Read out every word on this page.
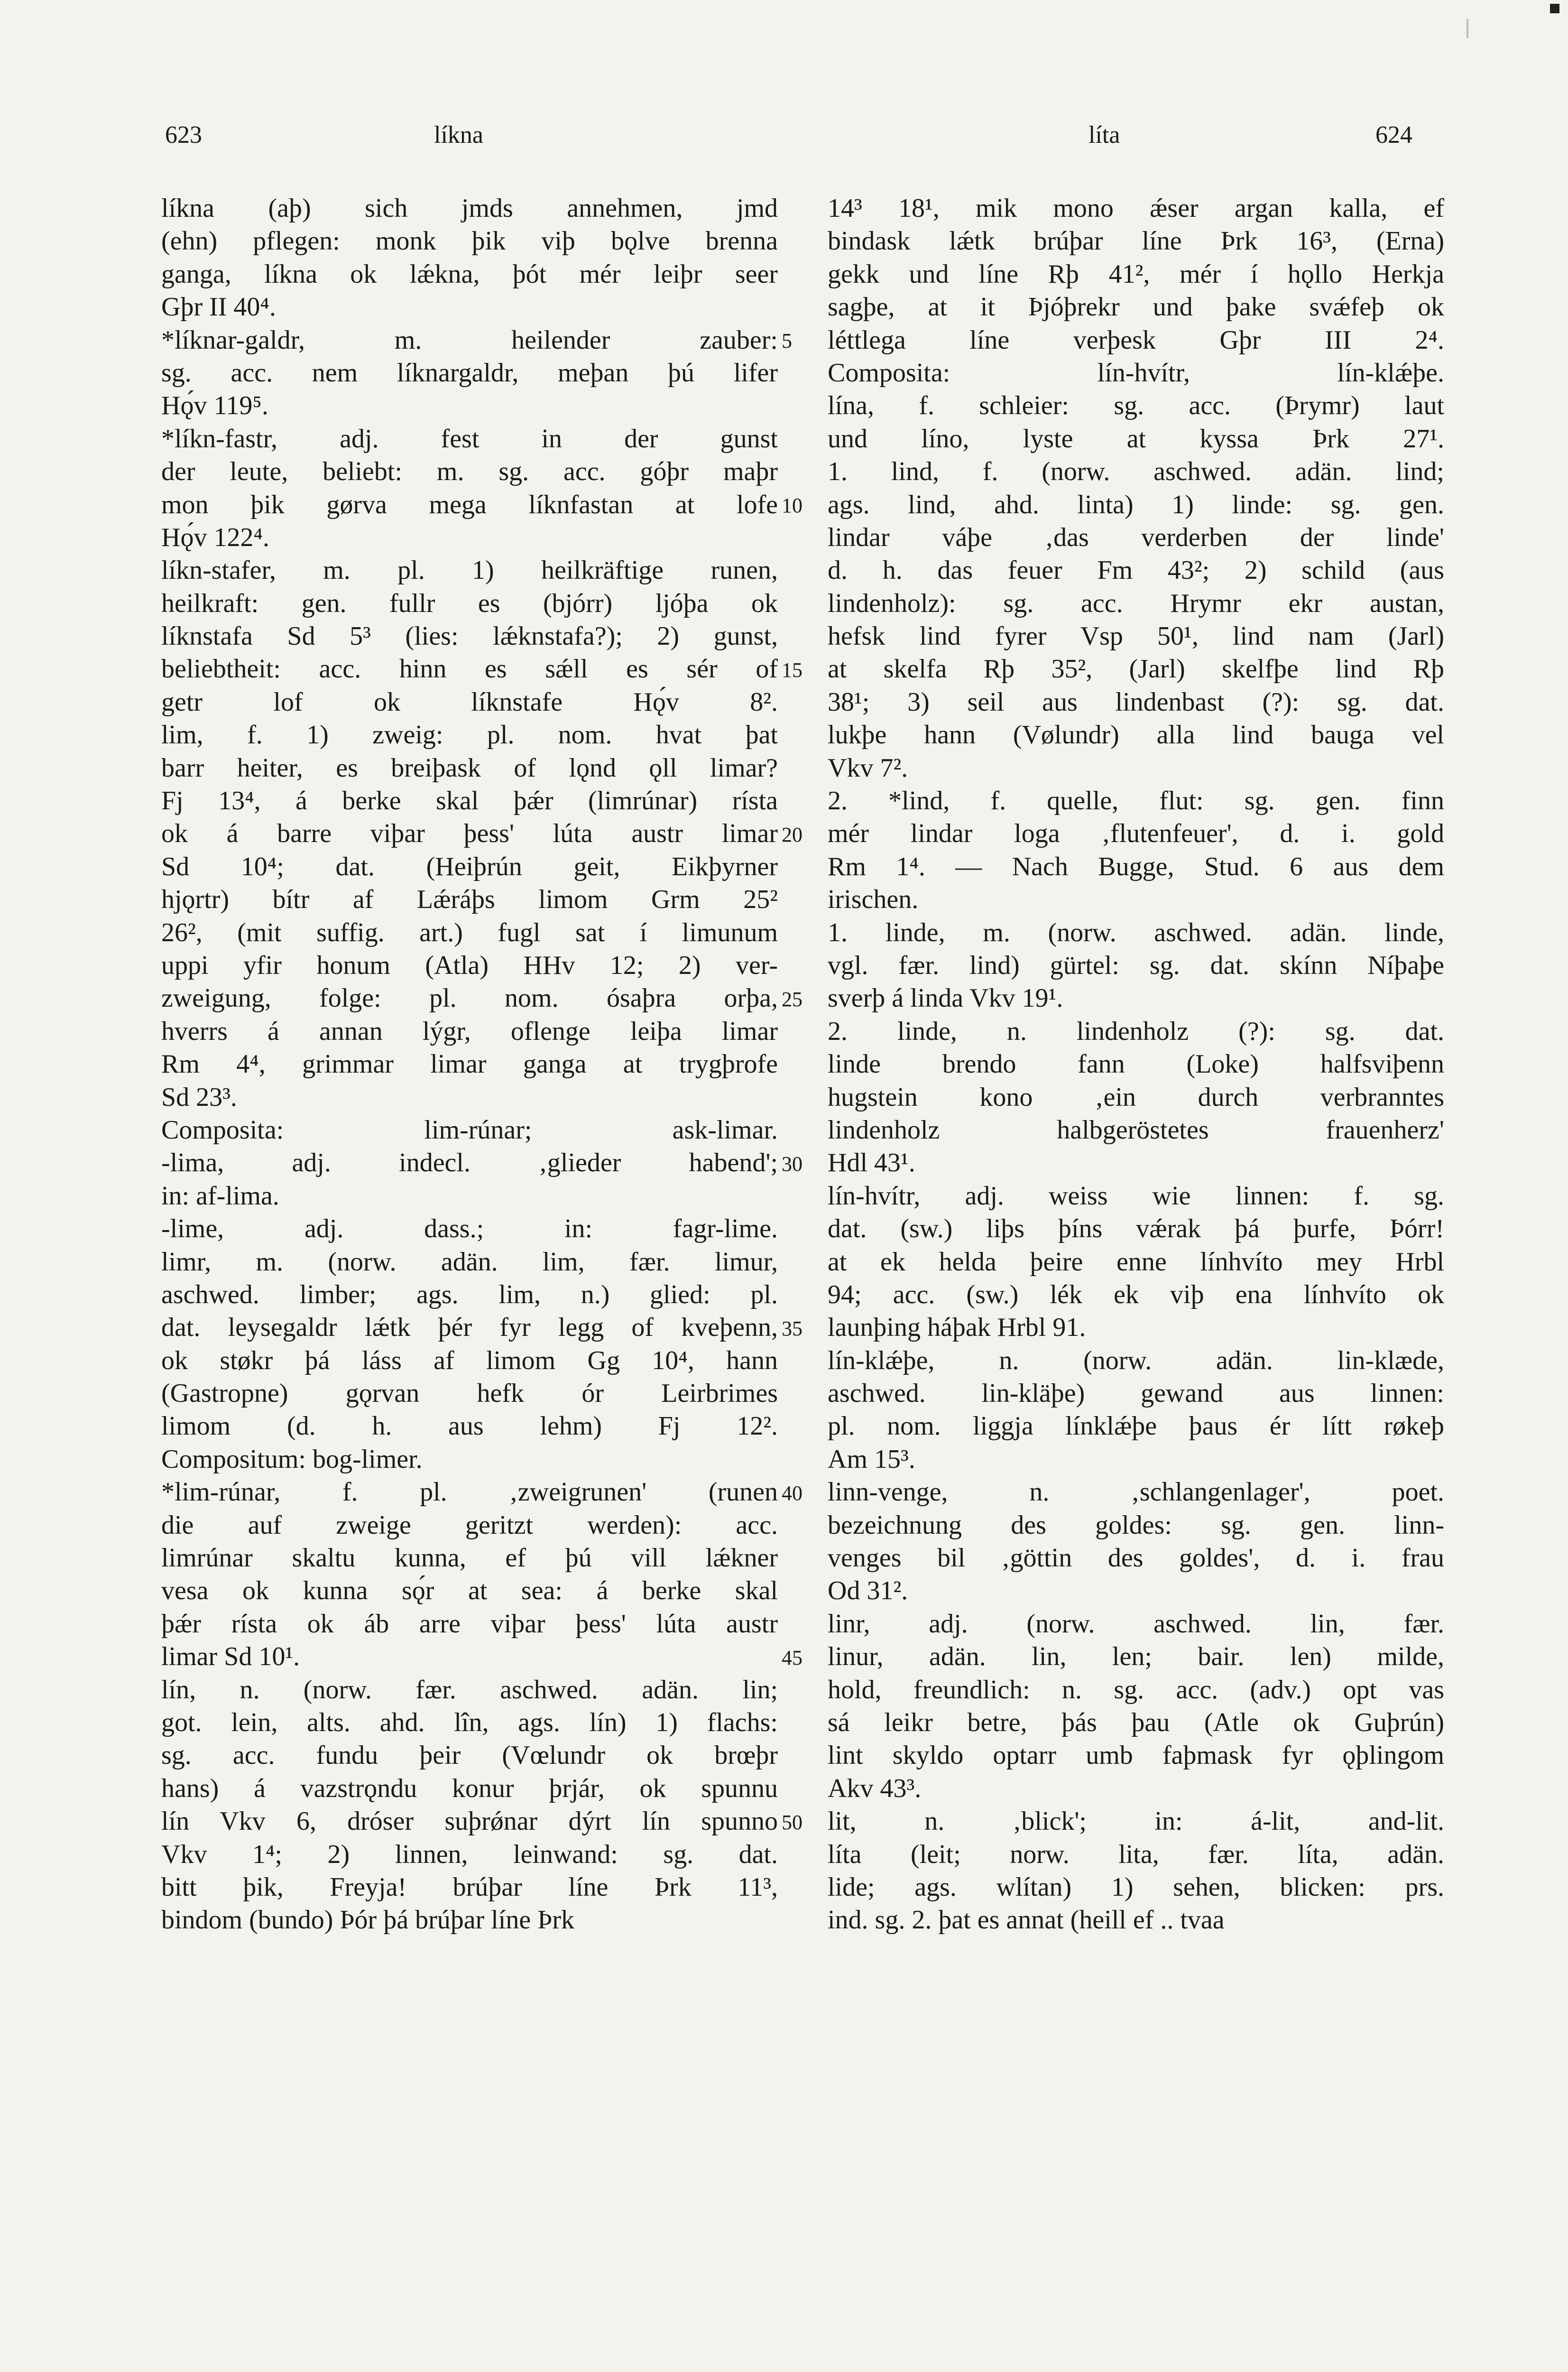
623	líkna	líta	624
líkna (aþ) sich jmds annehmen, jmd
(ehn) pflegen: monk þik viþ bǫlve brenna
ganga, líkna ok lǽkna, þót mér leiþr seer
Gþr II 40⁴.
*líknar-galdr, m. heilender zauber:
sg. acc. nem líknargaldr, meþan þú lifer
Hǫ́v 119⁵.
*líkn-fastr, adj. fest in der gunst
der leute, beliebt: m. sg. acc. góþr maþr
mon þik gørva mega líknfastan at lofe
Hǫ́v 122⁴.
líkn-stafer, m. pl. 1) heilkräftige runen,
heilkraft: gen. fullr es (bjórr) ljóþa ok
líknstafa Sd 5³ (lies: lǽknstafa?); 2) gunst,
beliebtheit: acc. hinn es sǽll es sér of
getr lof ok líknstafe Hǫ́v 8².
lim, f. 1) zweig: pl. nom. hvat þat
barr heiter, es breiþask of lǫnd ǫll limar?
Fj 13⁴, á berke skal þǽr (limrúnar) rísta
ok á barre viþar þess' lúta austr limar
Sd 10⁴; dat. (Heiþrún geit, Eikþyrner
hjǫrtr) bítr af Lǽráþs limom Grm 25²
26², (mit suffig. art.) fugl sat í limunum
uppi yfir honum (Atla) HHv 12; 2) ver-
zweigung, folge: pl. nom. ósaþra orþa,
hverrs á annan lýgr, oflenge leiþa limar
Rm 4⁴, grimmar limar ganga at trygþrofe
Sd 23³.
Composita: lim-rúnar; ask-limar.
-lima, adj. indecl. ‚glieder habend';
in: af-lima.
-lime, adj. dass.; in: fagr-lime.
limr, m. (norw. adän. lim, fær. limur,
aschwed. limber; ags. lim, n.) glied: pl.
dat. leysegaldr lǽtk þér fyr legg of kveþenn,
ok støkr þá láss af limom Gg 10⁴, hann
(Gastropne) gǫrvan hefk ór Leirbrimes
limom (d. h. aus lehm) Fj 12².
Compositum: bog-limer.
*lim-rúnar, f. pl. ‚zweigrunen' (runen
die auf zweige geritzt werden): acc.
limrúnar skaltu kunna, ef þú vill lǽkner
vesa ok kunna sǫ́r at sea: á berke skal
þǽr rísta ok áb arre viþar þess' lúta austr
limar Sd 10¹.
lín, n. (norw. fær. aschwed. adän. lin;
got. lein, alts. ahd. lîn, ags. lín) 1) flachs:
sg. acc. fundu þeir (Vœlundr ok brœþr
hans) á vazstrǫndu konur þrjár, ok spunnu
lín Vkv 6, dróser suþrǿnar dýrt lín spunno
Vkv 1⁴; 2) linnen, leinwand: sg. dat.
bitt þik, Freyja! brúþar líne Þrk 11³,
bindom (bundo) Þór þá brúþar líne Þrk
5
10
15
20
25
30
35
40
45
50
14³ 18¹, mik mono ǽser argan kalla, ef
bindask lǽtk brúþar líne Þrk 16³, (Erna)
gekk und líne Rþ 41², mér í hǫllo Herkja
sagþe, at it Þjóþrekr und þake svǽfeþ ok
léttlega líne verþesk Gþr III 2⁴.
Composita: lín-hvítr, lín-klǽþe.
lína, f. schleier: sg. acc. (Þrymr) laut
und líno, lyste at kyssa Þrk 27¹.
1. lind, f. (norw. aschwed. adän. lind;
ags. lind, ahd. linta) 1) linde: sg. gen.
lindar váþe ‚das verderben der linde'
d. h. das feuer Fm 43²; 2) schild (aus
lindenholz): sg. acc. Hrymr ekr austan,
hefsk lind fyrer Vsp 50¹, lind nam (Jarl)
at skelfa Rþ 35², (Jarl) skelfþe lind Rþ
38¹; 3) seil aus lindenbast (?): sg. dat.
lukþe hann (Vølundr) alla lind bauga vel
Vkv 7².
2. *lind, f. quelle, flut: sg. gen. finn
mér lindar loga ‚flutenfeuer', d. i. gold
Rm 1⁴. — Nach Bugge, Stud. 6 aus dem
irischen.
1. linde, m. (norw. aschwed. adän. linde,
vgl. fær. lind) gürtel: sg. dat. skínn Níþaþe
sverþ á linda Vkv 19¹.
2. linde, n. lindenholz (?): sg. dat.
linde brendo fann (Loke) halfsviþenn
hugstein kono ‚ein durch verbranntes
lindenholz halbgeröstetes frauenherz'
Hdl 43¹.
lín-hvítr, adj. weiss wie linnen: f. sg.
dat. (sw.) liþs þíns vǽrak þá þurfe, Þórr!
at ek helda þeire enne línhvíto mey Hrbl
94; acc. (sw.) lék ek viþ ena línhvíto ok
launþing háþak Hrbl 91.
lín-klǽþe, n. (norw. adän. lin-klæde,
aschwed. lin-kläþe) gewand aus linnen:
pl. nom. liggja línklǽþe þaus ér lítt røkeþ
Am 15³.
linn-venge, n. ‚schlangenlager', poet.
bezeichnung des goldes: sg. gen. linn-
venges bil ‚göttin des goldes', d. i. frau
Od 31².
linr, adj. (norw. aschwed. lin, fær.
linur, adän. lin, len; bair. len) milde,
hold, freundlich: n. sg. acc. (adv.) opt vas
sá leikr betre, þás þau (Atle ok Guþrún)
lint skyldo optarr umb faþmask fyr ǫþlingom
Akv 43³.
lit, n. ‚blick'; in: á-lit, and-lit.
líta (leit; norw. lita, fær. líta, adän.
lide; ags. wlítan) 1) sehen, blicken: prs.
ind. sg. 2. þat es annat (heill ef .. tvaa
